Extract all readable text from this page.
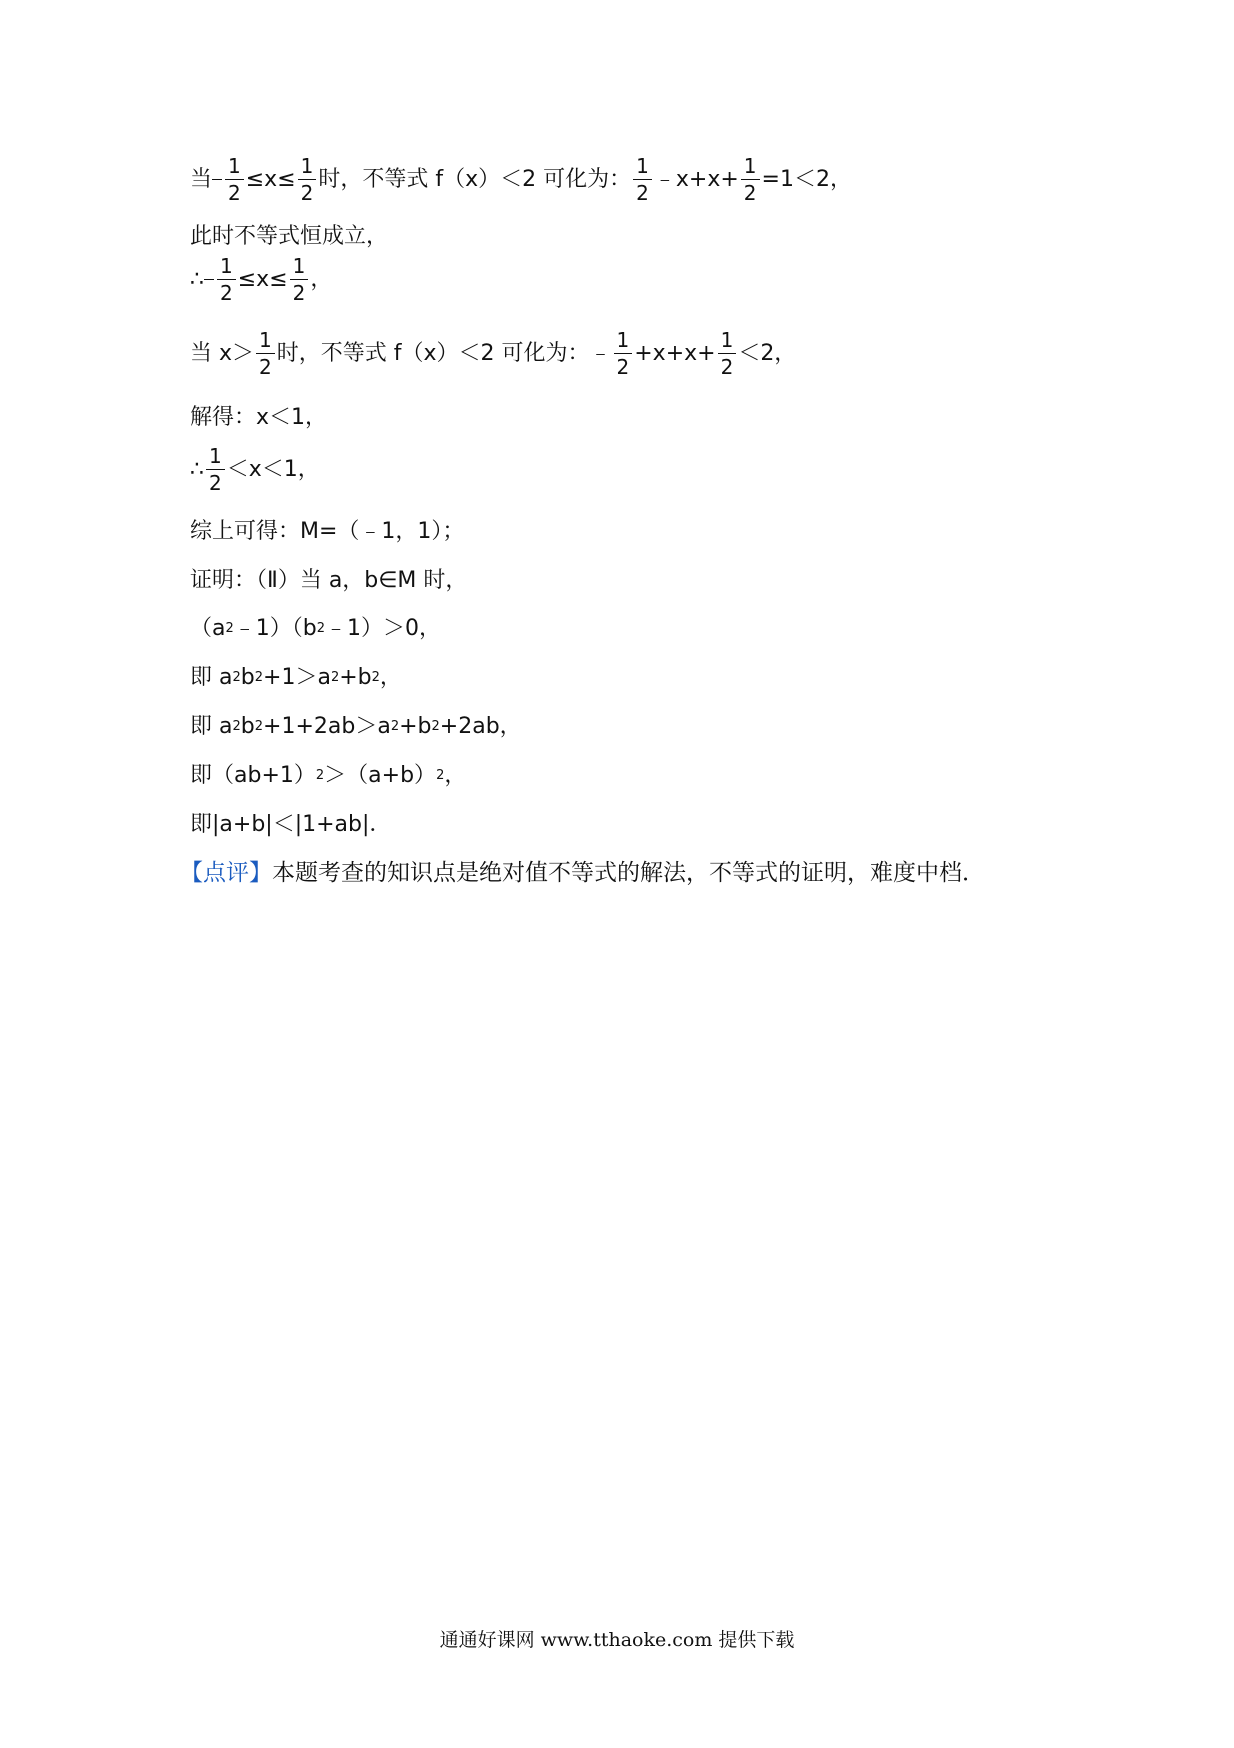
当 $\frac{1}{2} \le x\le \frac{1}{2}$ 时，不等式 f（x）＜2 可化为： $\frac{1}{2}$ ﹣x+x+ $\frac{1}{2} =1<2$，
此时不等式恒成立，
∴ $\frac{1}{2} \le x\le \frac{1}{2}$ ，
当 $x> \frac{1}{2}$ 时，不等式 f（x）＜2 可化为：﹣ $\frac{1}{2} +x+x+ \frac{1}{2} <2$，
解得：x＜1，
∴ $\frac{1}{2} <x<1$，
综上可得：M=（﹣1，1）；
证明：（Ⅱ）当 a，b∈M 时，
（a 2 ﹣1）（b 2 ﹣1）＞0，
即 a 2 b 2 +1＞a 2 +b 2 ，
即 a 2 b 2 +1+2ab＞a 2 +b 2 +2ab，
即（ab+1） 2 ＞（a+b） 2 ，
即|a+b|＜|1+ab|．
【点评】 本题考查的知识点是绝对值不等式的解法，不等式的证明，难度中档．
通通好课网 www.tthaoke.com 提供下载
